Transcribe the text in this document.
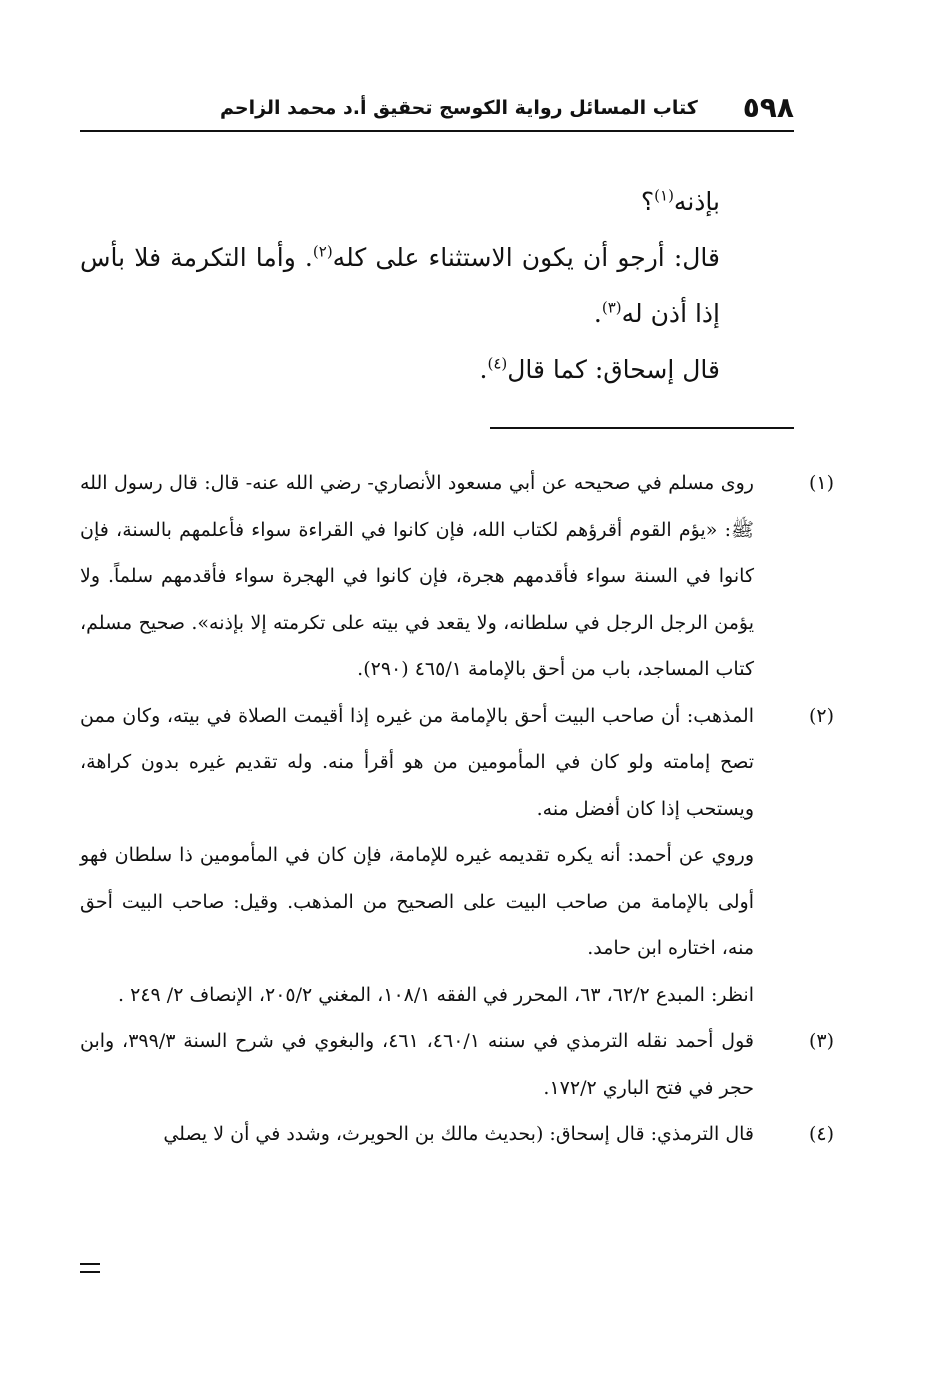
٥٩٨
كتاب المسائل رواية الكوسج تحقيق أ.د محمد الزاحم

بإذنه$^{(١)}$؟

قال: أرجو أن يكون الاستثناء على كله$^{(٢)}$. وأما التكرمة فلا بأس إذا أذن له$^{(٣)}$.

قال إسحاق: كما قال$^{(٤)}$.

(١)روى مسلم في صحيحه عن أبي مسعود الأنصاري- رضي الله عنه- قال: قال رسول الله ﷺ: «يؤم القوم أقرؤهم لكتاب الله، فإن كانوا في القراءة سواء فأعلمهم بالسنة، فإن كانوا في السنة سواء فأقدمهم هجرة، فإن كانوا في الهجرة سواء فأقدمهم سلماً. ولا يؤمن الرجل الرجل في سلطانه، ولا يقعد في بيته على تكرمته إلا بإذنه». صحيح مسلم، كتاب المساجد، باب من أحق بالإمامة ٤٦٥/١ (٢٩٠).

(٢)المذهب: أن صاحب البيت أحق بالإمامة من غيره إذا أقيمت الصلاة في بيته، وكان ممن تصح إمامته ولو كان في المأمومين من هو أقرأ منه. وله تقديم غيره بدون كراهة، ويستحب إذا كان أفضل منه.

وروي عن أحمد: أنه يكره تقديمه غيره للإمامة، فإن كان في المأمومين ذا سلطان فهو أولى بالإمامة من صاحب البيت على الصحيح من المذهب. وقيل: صاحب البيت أحق منه، اختاره ابن حامد.

انظر: المبدع ٦٢/٢، ٦٣، المحرر في الفقه ١٠٨/١، المغني ٢٠٥/٢، الإنصاف ٢/ ٢٤٩ .

(٣)قول أحمد نقله الترمذي في سننه ٤٦٠/١، ٤٦١، والبغوي في شرح السنة ٣٩٩/٣، وابن حجر في فتح الباري ١٧٢/٢.

(٤)قال الترمذي: قال إسحاق: (بحديث مالك بن الحويرث، وشدد في أن لا يصلي
